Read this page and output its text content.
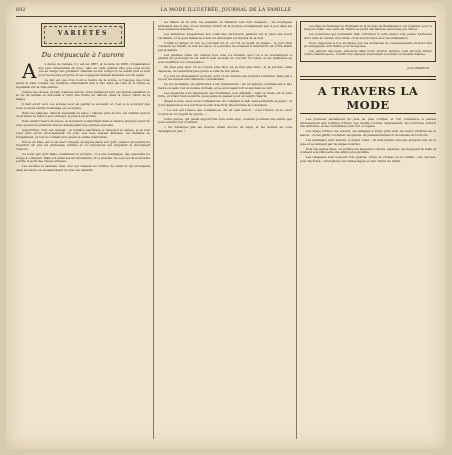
602	LA MODE ILLUSTRÉE, JOURNAL DE LA FAMILLE
VARIÉTÉS
Du crépuscule à l'aurore

A	u décès de l'année, il y eut en 1887, et la suite de 1888, l'organisation aux yeux émerveillés de tous, celle de cette grande ville que nous avons vue au temps des premiers chemins de fer, lorsqu'on ne tenait plus la nuit pour les heures propices et les voyageurs étaient attendus sur les quais.

Le fait est que d'un bout à l'autre de la soirée, à l'époque que nous avons si bien connue, les lumières s'allumaient une à une dans les rues et le calme se répandait sur la ville entière.

Toutes ces choses, et bien d'autres encore, nous ramènent vers ces heures paisibles où la vie de famille se déroulait à l'abri des bruits du dehors, dans la douce clarté de la lampe.

Il faut avoir vécu ces soirées pour en garder le souvenir, et c'est à ce souvenir que nous voulons rendre hommage en ces lignes.

Dans les maisons, chacun reprenait sa place : l'aïeule près du feu, les enfants autour de la table, la mère à son ouvrage, le père à sa lecture.

Puis venait l'heure du repos, et la maison s'endormait dans le silence jusqu'au lever du jour, quand les premiers rayons annonçaient une journée nouvelle.

Aujourd'hui, tout est changé : la lumière électrique a remplacé la lampe, et la nuit n'est plus qu'un prolongement du jour. Les rues restent animées, les théâtres se remplissent, et l'on ne connaît plus guère le calme d'autrefois.

Est-ce un bien, est-ce un mal ? Chacun en jugera selon son goût ; mais il est permis de regretter un peu les anciennes veillées et ce crépuscule qui préparait si doucement l'aurore.

Ce n'est pas qu'il faille condamner le progrès ; il a ses avantages, que personne ne songe à contester. Mais il a aussi ses inconvénients, et le premier de tous est de nous faire perdre le goût des choses simples.

Les anciens le savaient bien, eux qui vivaient au rythme du soleil et qui trouvaient dans la nature un enseignement de tous les instants.

Au milieu de la ville, les passants se hâtaient vers leur demeure ; les boutiques fermaient une à une, et les derniers bruits de la journée s'éteignaient peu à peu dans les rues devenues désertes.

Les lanternes, suspendues aux coins des carrefours, jetaient sur le pavé une lueur vacillante, et le guet faisait sa ronde en annonçant les heures de la nuit.

C'était le temps où l'on se couchait tôt et où l'on se levait de même ; le jour était consacré au travail, la nuit au repos, et personne ne songeait à intervertir cet ordre établi par la nature.

Les grandes villes ont changé tout cela. La lumière, que l'on a su domestiquer, a permis de prolonger la vie active bien au-delà du coucher du soleil, et les habitudes se sont modifiées en conséquence.

On dîne plus tard, on se couche plus tard, on se lève plus tard ; et la journée, ainsi déplacée, ne ressemble plus guère à celle de nos pères.

Il y a là un changement profond, dont on ne mesure pas toujours l'étendue, mais qui a eu sur les mœurs une influence considérable.

La vie mondaine, en particulier, s'est transformée ; les réceptions commencent à une heure où jadis tout le monde dormait, et se prolongent fort avant dans la nuit.

Les médecins s'en inquiètent, les moralistes s'en affligent ; mais la mode est la plus forte, et il faut bien la suivre, sous peine de passer pour un esprit chagrin.

Quant à nous, nous nous contenterons de constater le fait, sans prétendre le juger ; et nous laisserons à nos lectrices le soin d'en tirer elles-mêmes la conclusion.

« Le soir est l'heure des confidences, dit un vieil auteur ; c'est l'heure où le cœur s'ouvre et où l'esprit se repose. »

Cette parole, qui paraît aujourd'hui d'un autre âge, contient pourtant une vérité que nous aurions tort d'oublier.

« Ne dérangez pas les heures, disait encore un sage, et les heures ne vous dérangeront pas. »

Les filles de Monsieur le Président de la Société de Bienfaisance ont organisé, pour le mois prochain, une vente de charité au profit des familles éprouvées par l'hiver.

Les personnes qui voudraient bien contribuer à cette œuvre sont priées d'adresser leurs dons au bureau du journal, où ils seront reçus avec reconnaissance.

Nous rappelons à nos abonnées que les demandes de renseignements doivent être accompagnées d'un timbre pour la réponse.

Les patrons découpés, annoncés dans notre dernier numéro, sont envoyés franco contre mandat-poste ; il suffit d'en indiquer exactement le numéro et la taille désirée.

Jean RAMEAU.
A TRAVERS LA MODE

Les journées deviennent de plus en plus courtes, et l'on commence à penser sérieusement aux toilettes d'hiver. Les étoffes lourdes reparaissent, les fourrures sortent des armoires, et les couturières sont fort occupées.

Les draps d'hiver, les velours, les lainages à longs poils sont les tissus préférés de la saison ; on les garnit volontiers de galons, de passementeries et de bandes de fourrure.

Les manteaux sont amples, à grand collet ; ils descendent presque jusqu'au bas de la jupe et se ferment par de larges boutons.

Pour les jeunes filles, on préfère les jaquettes courtes, ajustées, qui dégagent la taille et donnent à la silhouette une allure plus juvénile.

Les chapeaux sont toujours très grands, ornés de plumes et de rubans ; les capotes, plus discrètes, conviennent aux dames âgées et aux visites du matin.
